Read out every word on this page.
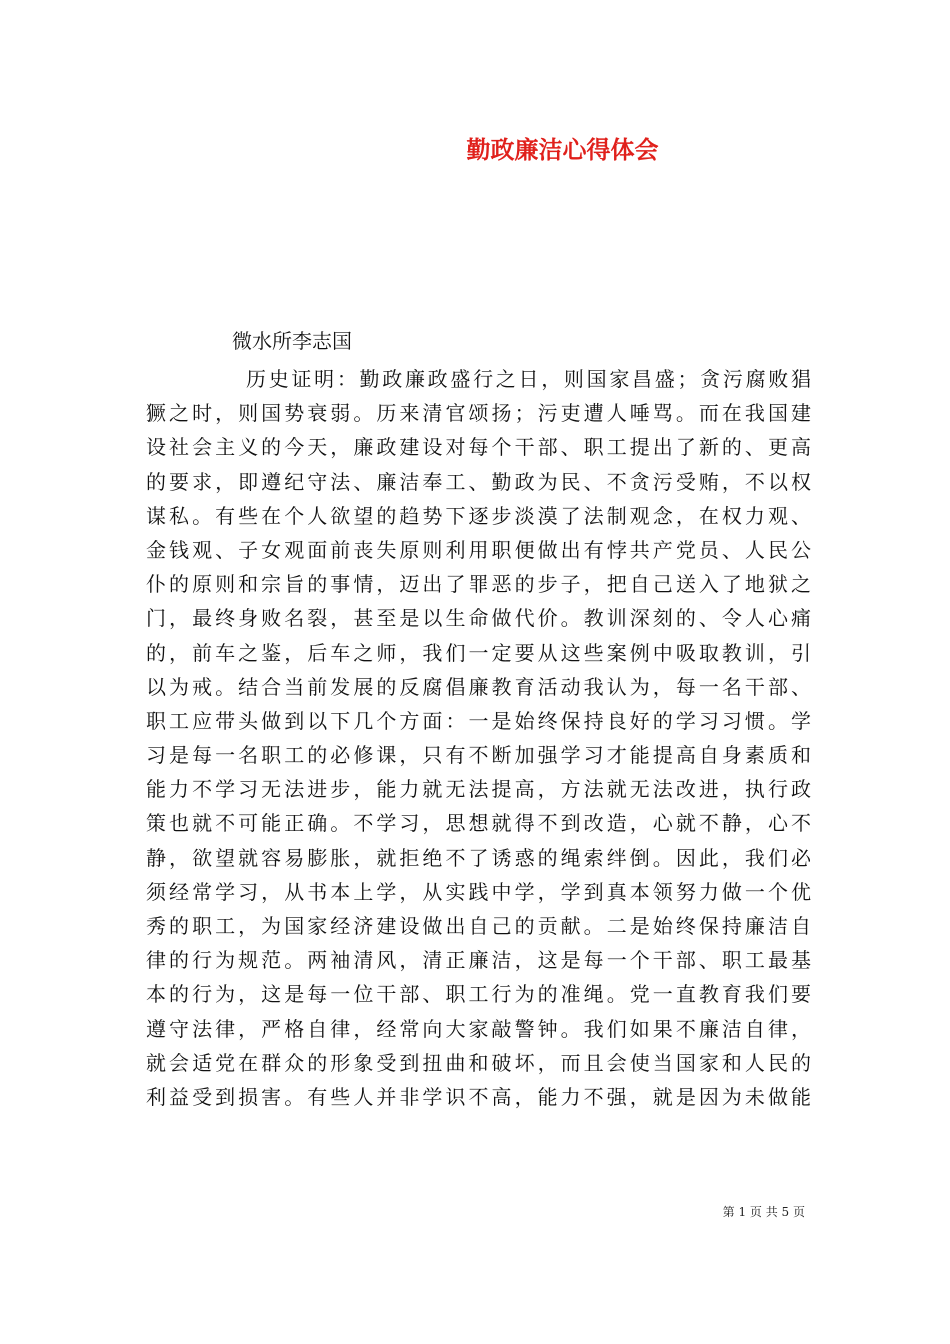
勤政廉洁心得体会
微水所李志国
历史证明：勤政廉政盛行之日，则国家昌盛；贪污腐败猖
獗之时，则国势衰弱。历来清官颂扬；污吏遭人唾骂。而在我国建
设社会主义的今天，廉政建设对每个干部、职工提出了新的、更高
的要求，即遵纪守法、廉洁奉工、勤政为民、不贪污受贿，不以权
谋私。有些在个人欲望的趋势下逐步淡漠了法制观念，在权力观、
金钱观、子女观面前丧失原则利用职便做出有悖共产党员、人民公
仆的原则和宗旨的事情，迈出了罪恶的步子，把自己送入了地狱之
门，最终身败名裂，甚至是以生命做代价。教训深刻的、令人心痛
的，前车之鉴，后车之师，我们一定要从这些案例中吸取教训，引
以为戒。结合当前发展的反腐倡廉教育活动我认为，每一名干部、
职工应带头做到以下几个方面：一是始终保持良好的学习习惯。学
习是每一名职工的必修课，只有不断加强学习才能提高自身素质和
能力不学习无法进步，能力就无法提高，方法就无法改进，执行政
策也就不可能正确。不学习，思想就得不到改造，心就不静，心不
静，欲望就容易膨胀，就拒绝不了诱惑的绳索绊倒。因此，我们必
须经常学习，从书本上学，从实践中学，学到真本领努力做一个优
秀的职工，为国家经济建设做出自己的贡献。二是始终保持廉洁自
律的行为规范。两袖清风，清正廉洁，这是每一个干部、职工最基
本的行为，这是每一位干部、职工行为的准绳。党一直教育我们要
遵守法律，严格自律，经常向大家敲警钟。我们如果不廉洁自律，
就会适党在群众的形象受到扭曲和破坏，而且会使当国家和人民的
利益受到损害。有些人并非学识不高，能力不强，就是因为未做能
第 1 页 共 5 页
